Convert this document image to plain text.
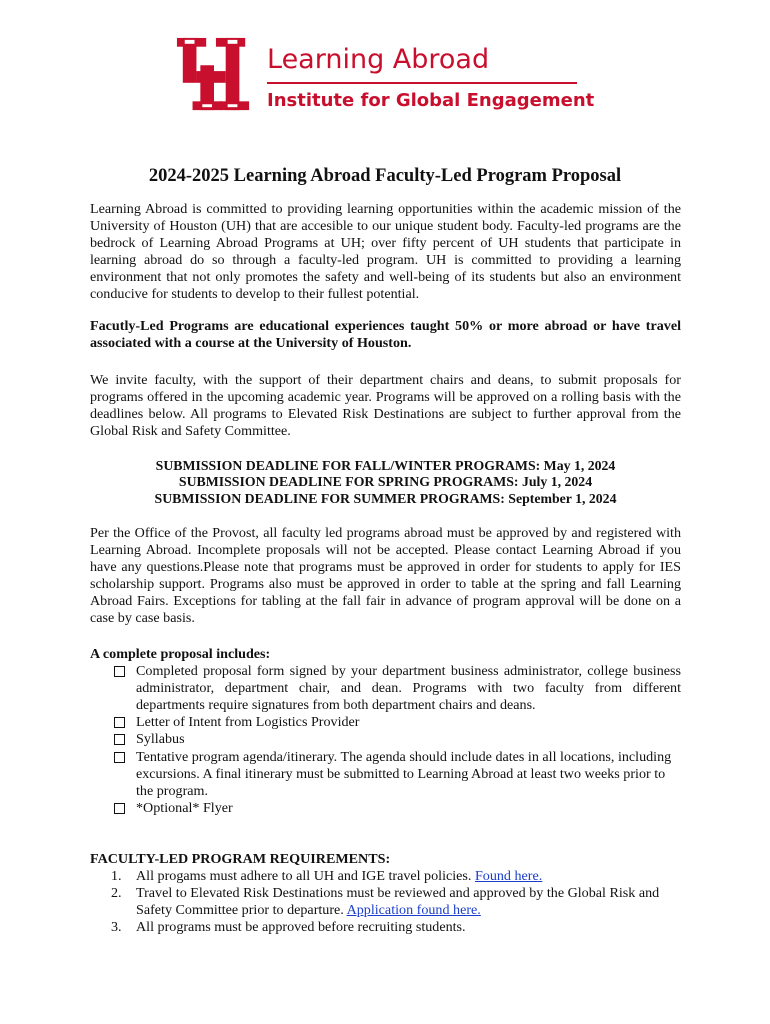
Learning Abroad
Institute for Global Engagement
2024-2025 Learning Abroad Faculty-Led Program Proposal

Learning Abroad is committed to providing learning opportunities within the academic mission of the University of Houston (UH) that are accesible to our unique student body. Faculty-led programs are the bedrock of Learning Abroad Programs at UH; over fifty percent of UH students that participate in learning abroad do so through a faculty-led program. UH is committed to providing a learning environment that not only promotes the safety and well-being of its students but also an environment conducive for students to develop to their fullest potential.

Facutly-Led Programs are educational experiences taught 50% or more abroad or have travel associated with a course at the University of Houston.

We invite faculty, with the support of their department chairs and deans, to submit proposals for programs offered in the upcoming academic year. Programs will be approved on a rolling basis with the deadlines below. All programs to Elevated Risk Destinations are subject to further approval from the Global Risk and Safety Committee.

SUBMISSION DEADLINE FOR FALL/WINTER PROGRAMS: May 1, 2024
SUBMISSION DEADLINE FOR SPRING PROGRAMS: July 1, 2024
SUBMISSION DEADLINE FOR SUMMER PROGRAMS: September 1, 2024

Per the Office of the Provost, all faculty led programs abroad must be approved by and registered with Learning Abroad. Incomplete proposals will not be accepted. Please contact Learning Abroad if you have any questions.Please note that programs must be approved in order for students to apply for IES scholarship support. Programs also must be approved in order to table at the spring and fall Learning Abroad Fairs. Exceptions for tabling at the fall fair in advance of program approval will be done on a case by case basis.

A complete proposal includes:
Completed proposal form signed by your department business administrator, college business administrator, department chair, and dean. Programs with two faculty from different departments require signatures from both department chairs and deans.
Letter of Intent from Logistics Provider
Syllabus
Tentative program agenda/itinerary. The agenda should include dates in all locations, including excursions. A final itinerary must be submitted to Learning Abroad at least two weeks prior to the program.
*Optional* Flyer
FACULTY-LED PROGRAM REQUIREMENTS:
1. All progams must adhere to all UH and IGE travel policies. Found here.
2. Travel to Elevated Risk Destinations must be reviewed and approved by the Global Risk and Safety Committee prior to departure. Application found here.
3. All programs must be approved before recruiting students.
